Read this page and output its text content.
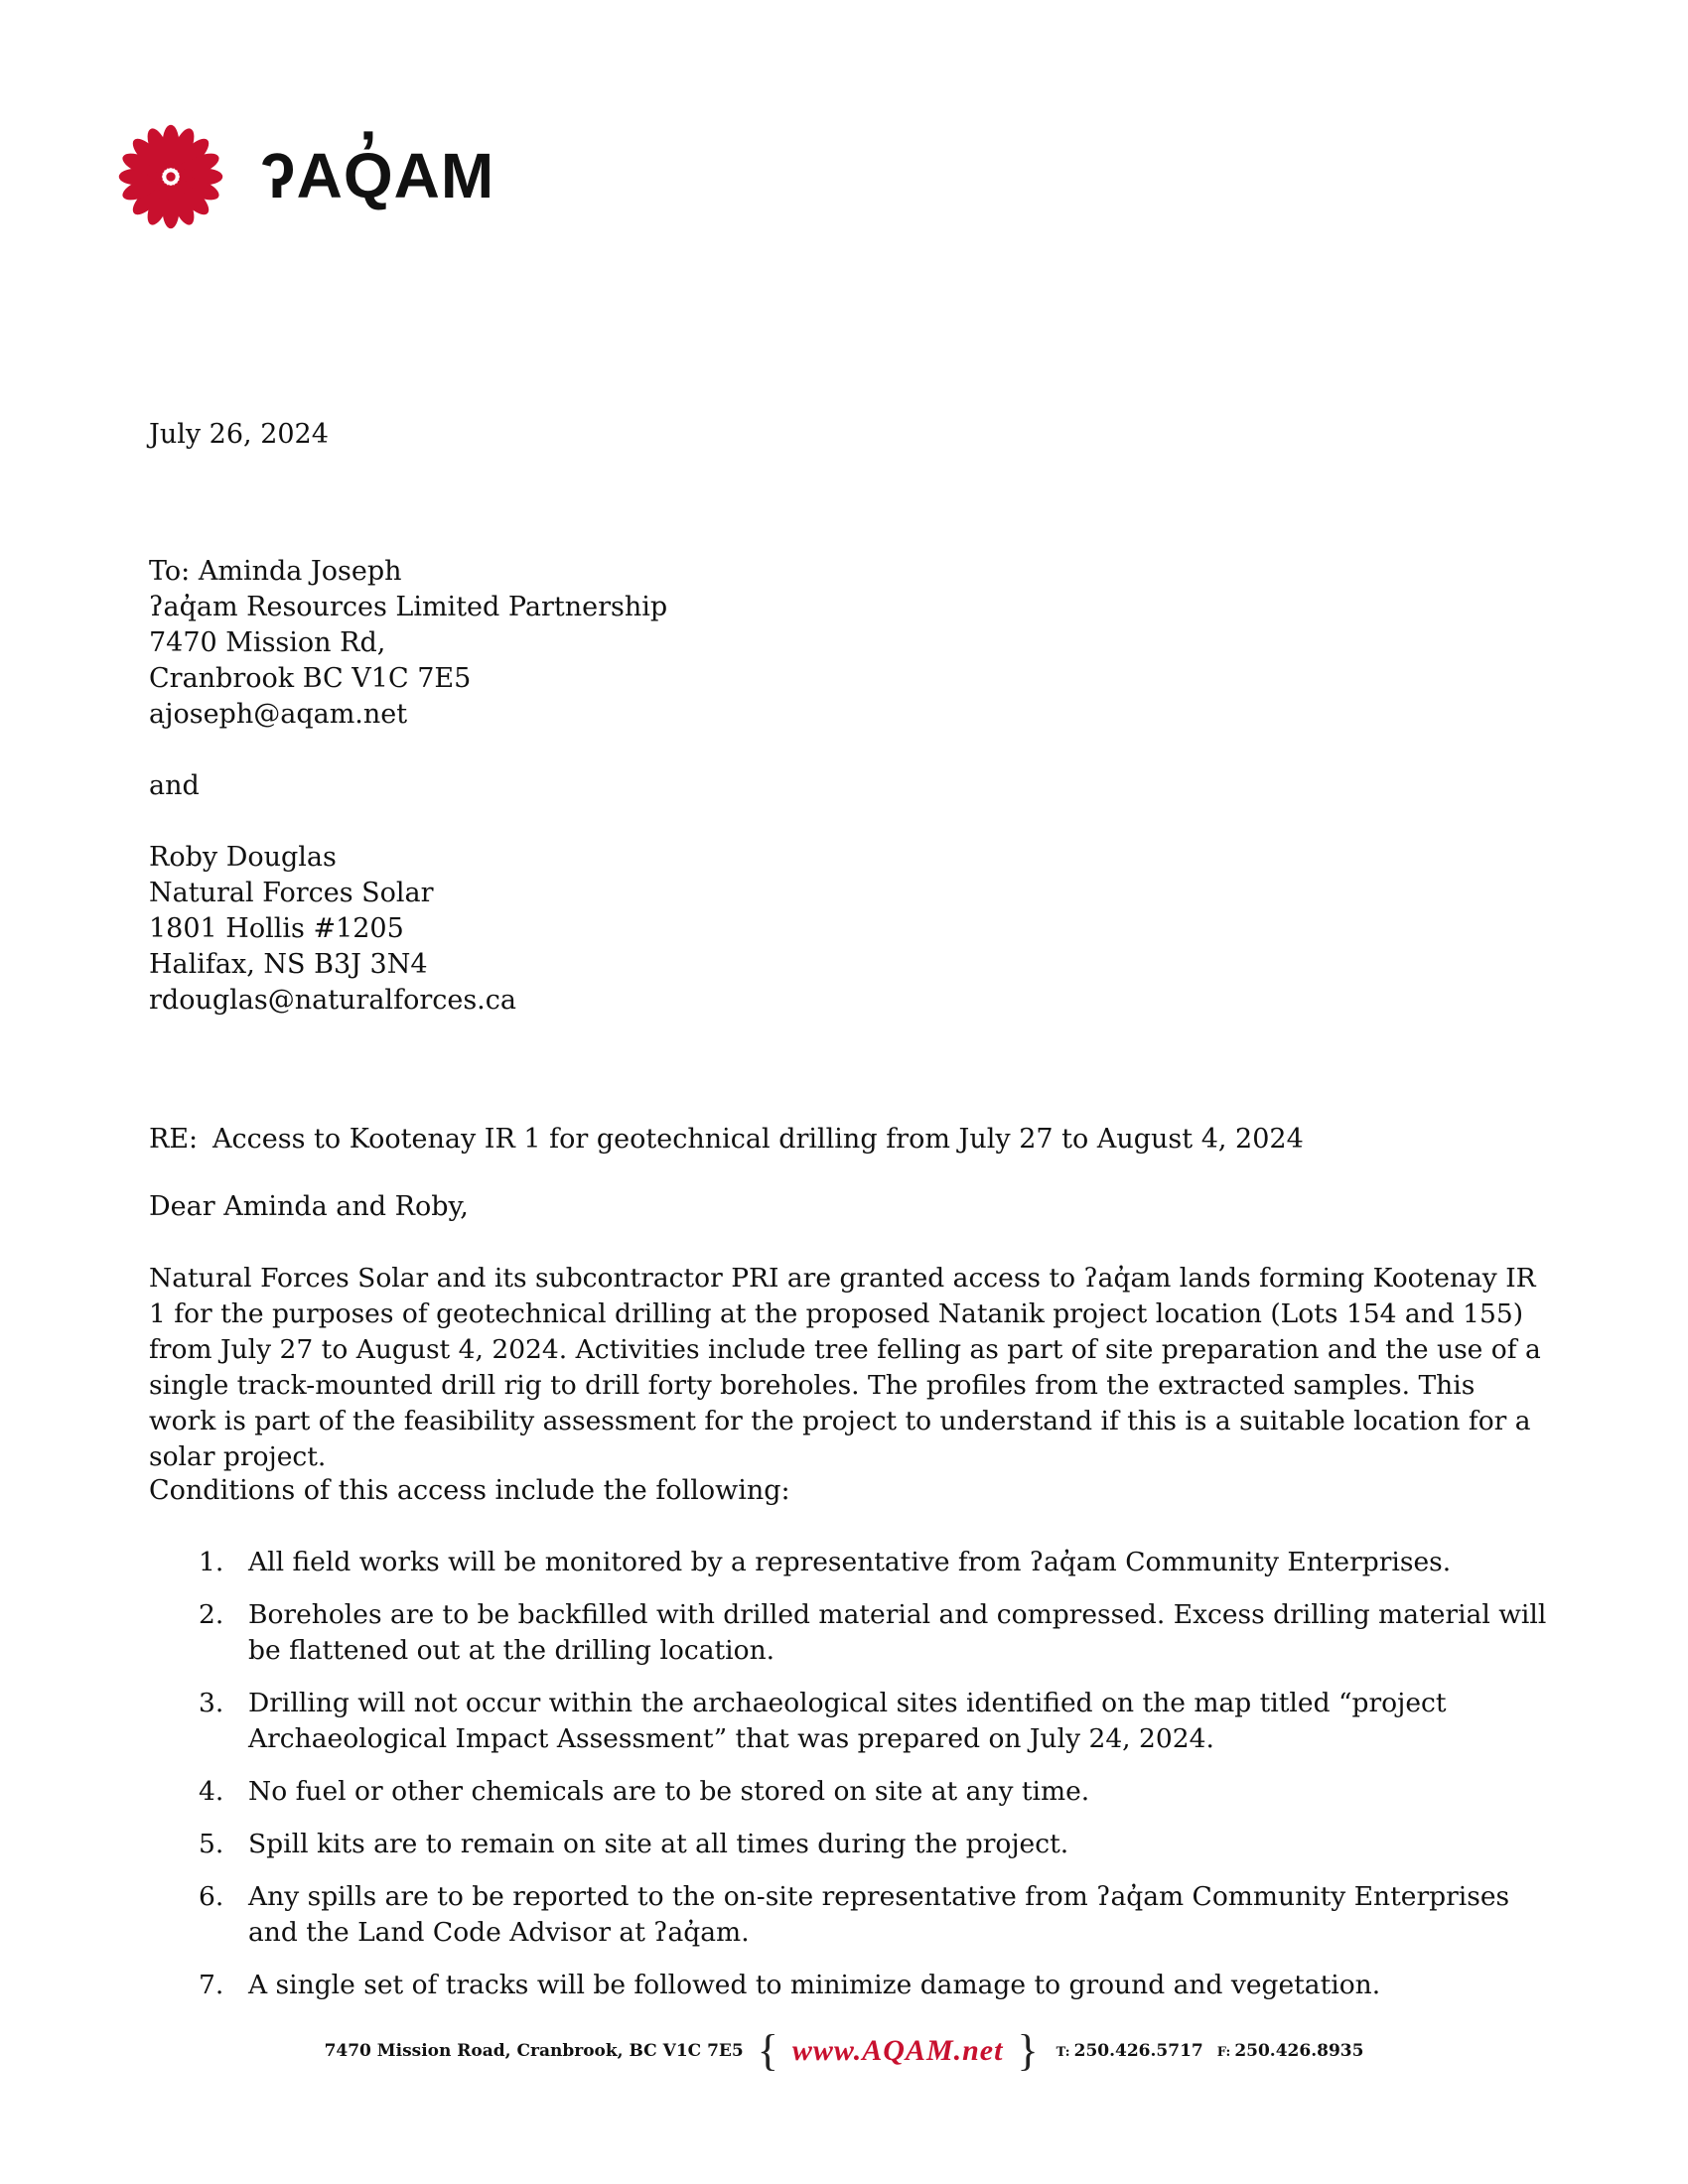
ʔAQ̓AM
July 26, 2024
To: Aminda Joseph
ʔaq̓am Resources Limited Partnership
7470 Mission Rd,
Cranbrook BC V1C 7E5
ajoseph@aqam.net
and
Roby Douglas
Natural Forces Solar
1801 Hollis #1205
Halifax, NS B3J 3N4
rdouglas@naturalforces.ca
RE: Access to Kootenay IR 1 for geotechnical drilling from July 27 to August 4, 2024
Dear Aminda and Roby,
Natural Forces Solar and its subcontractor PRI are granted access to ʔaq̓am lands forming Kootenay IR 1 for the purposes of geotechnical drilling at the proposed Natanik project location (Lots 154 and 155) from July 27 to August 4, 2024. Activities include tree felling as part of site preparation and the use of a single track-mounted drill rig to drill forty boreholes. The profiles from the extracted samples. This work is part of the feasibility assessment for the project to understand if this is a suitable location for a solar project.
Conditions of this access include the following:
1. All field works will be monitored by a representative from ʔaq̓am Community Enterprises.
2. Boreholes are to be backfilled with drilled material and compressed. Excess drilling material will be flattened out at the drilling location.
3. Drilling will not occur within the archaeological sites identified on the map titled “project Archaeological Impact Assessment” that was prepared on July 24, 2024.
4. No fuel or other chemicals are to be stored on site at any time.
5. Spill kits are to remain on site at all times during the project.
6. Any spills are to be reported to the on-site representative from ʔaq̓am Community Enterprises and the Land Code Advisor at ʔaq̓am.
7. A single set of tracks will be followed to minimize damage to ground and vegetation.
7470 Mission Road, Cranbrook, BC V1C 7E5 { www.AQAM.net } T: 250.426.5717 F: 250.426.8935
